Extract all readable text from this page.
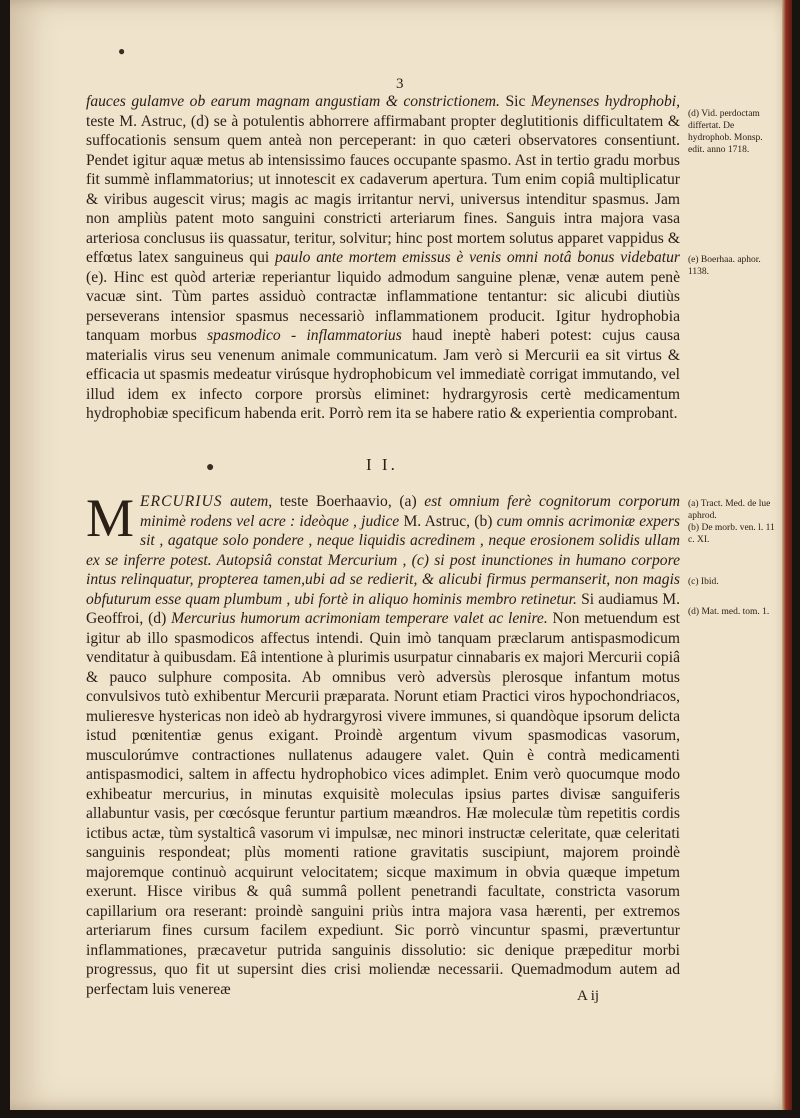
●
●
3

fauces gulamve ob earum magnam angustiam & constrictionem. Sic Meynenses hydrophobi, teste M. Astruc, (d) se à potulentis abhorrere affirmabant propter deglutitionis difficultatem & suffocationis sensum quem anteà non perceperant: in quo cæteri observatores consentiunt. Pendet igitur aquæ metus ab intensissimo fauces occupante spasmo. Ast in tertio gradu morbus fit summè inflammatorius; ut innotescit ex cadaverum apertura. Tum enim copiâ multiplicatur & viribus augescit virus; magis ac magis irritantur nervi, universus intenditur spasmus. Jam non ampliùs patent moto sanguini constricti arteriarum fines. Sanguis intra majora vasa arteriosa conclusus iis quassatur, teritur, solvitur; hinc post mortem solutus apparet vappidus & effœtus latex sanguineus qui paulo ante mortem emissus è venis omni notâ bonus videbatur (e). Hinc est quòd arteriæ reperiantur liquido admodum sanguine plenæ, venæ autem penè vacuæ sint. Tùm partes assiduò contractæ inflammatione tentantur: sic alicubi diutiùs perseverans intensior spasmus necessariò inflammationem producit. Igitur hydrophobia tanquam morbus spasmodico - inflammatorius haud ineptè haberi potest: cujus causa materialis virus seu venenum animale communicatum. Jam verò si Mercurii ea sit virtus & efficacia ut spasmis medeatur virúsque hydrophobicum vel immediatè corrigat immutando, vel illud idem ex infecto corpore prorsùs eliminet: hydrargyrosis certè medicamentum hydrophobiæ specificum habenda erit. Porrò rem ita se habere ratio & experientia comprobant.

(d) Vid. perdoctam differtat. De hydrophob. Monsp. edit. anno 1718.
(e) Boerhaa. aphor. 1138.
I I.

MERCURIUS autem, teste Boerhaavio, (a) est omnium ferè cognitorum corporum minimè rodens vel acre : ideòque , judice M. Astruc, (b) cum omnis acrimoniæ expers sit , agatque solo pondere , neque liquidis acredinem , neque erosionem solidis ullam ex se inferre potest. Autopsiâ constat Mercurium , (c) si post inunctiones in humano corpore intus relinquatur, propterea tamen,ubi ad se redierit, & alicubi firmus permanserit, non magis obfuturum esse quam plumbum , ubi fortè in aliquo hominis membro retinetur. Si audiamus M. Geoffroi, (d) Mercurius humorum acrimoniam temperare valet ac lenire. Non metuendum est igitur ab illo spasmodicos affectus intendi. Quin imò tanquam præclarum antispasmodicum venditatur à quibusdam. Eâ intentione à plurimis usurpatur cinnabaris ex majori Mercurii copiâ & pauco sulphure composita. Ab omnibus verò adversùs plerosque infantum motus convulsivos tutò exhibentur Mercurii præparata. Norunt etiam Practici viros hypochondriacos, mulieresve hystericas non ideò ab hydrargyrosi vivere immunes, si quandòque ipsorum delicta istud pœnitentiæ genus exigant. Proindè argentum vivum spasmodicas vasorum, musculorúmve contractiones nullatenus adaugere valet. Quin è contrà medicamenti antispasmodici, saltem in affectu hydrophobico vices adimplet. Enim verò quocumque modo exhibeatur mercurius, in minutas exquisitè moleculas ipsius partes divisæ sanguiferis allabuntur vasis, per cœcósque feruntur partium mæandros. Hæ moleculæ tùm repetitis cordis ictibus actæ, tùm systalticâ vasorum vi impulsæ, nec minori instructæ celeritate, quæ celeritati sanguinis respondeat; plùs momenti ratione gravitatis suscipiunt, majorem proindè majoremque continuò acquirunt velocitatem; sicque maximum in obvia quæque impetum exerunt. Hisce viribus & quâ summâ pollent penetrandi facultate, constricta vasorum capillarium ora reserant: proindè sanguini priùs intra majora vasa hærenti, per extremos arteriarum fines cursum facilem expediunt. Sic porrò vincuntur spasmi, prævertuntur inflammationes, præcavetur putrida sanguinis dissolutio: sic denique præpeditur morbi progressus, quo fit ut supersint dies crisi moliendæ necessarii. Quemadmodum autem ad perfectam luis venereæ

(a) Tract. Med. de lue aphrod.
(b) De morb. ven. l. 11 c. XI.
(c) Ibid.
(d) Mat. med. tom. 1.
A ij
